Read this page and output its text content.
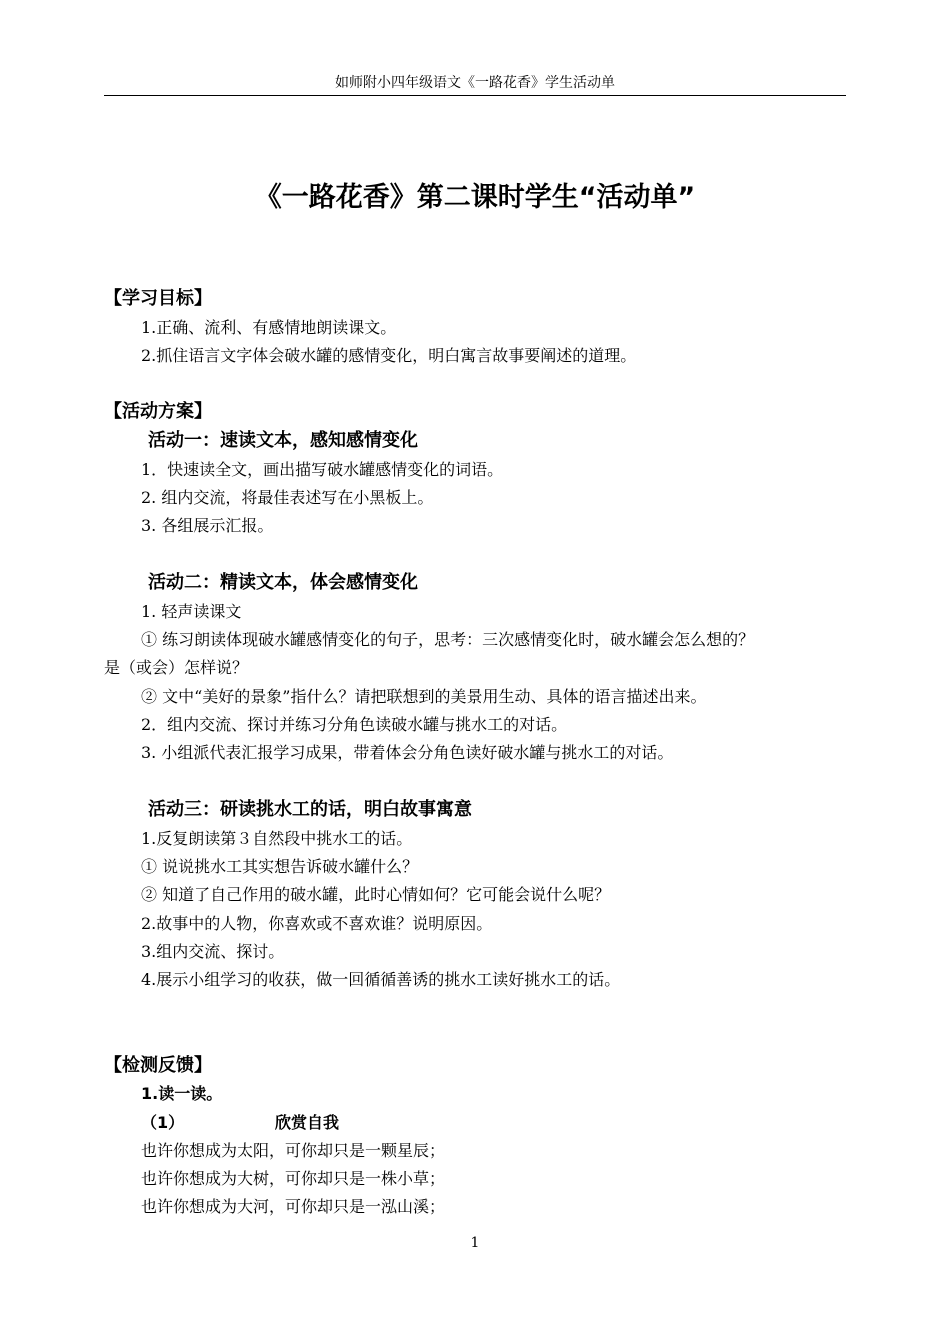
如师附小四年级语文《一路花香》学生活动单
《一路花香》第二课时学生“活动单”
【学习目标】
1.正确、流利、有感情地朗读课文。
2.抓住语言文字体会破水罐的感情变化，明白寓言故事要阐述的道理。
【活动方案】
活动一：速读文本，感知感情变化
1．快速读全文，画出描写破水罐感情变化的词语。
2. 组内交流，将最佳表述写在小黑板上。
3. 各组展示汇报。
活动二：精读文本，体会感情变化
1. 轻声读课文
① 练习朗读体现破水罐感情变化的句子，思考：三次感情变化时，破水罐会怎么想的？
是（或会）怎样说？
② 文中“美好的景象”指什么？请把联想到的美景用生动、具体的语言描述出来。
2．组内交流、探讨并练习分角色读破水罐与挑水工的对话。
3. 小组派代表汇报学习成果，带着体会分角色读好破水罐与挑水工的对话。
活动三：研读挑水工的话，明白故事寓意
1.反复朗读第３自然段中挑水工的话。
① 说说挑水工其实想告诉破水罐什么？
② 知道了自己作用的破水罐，此时心情如何？它可能会说什么呢？
2.故事中的人物，你喜欢或不喜欢谁？说明原因。
3.组内交流、探讨。
4.展示小组学习的收获，做一回循循善诱的挑水工读好挑水工的话。
【检测反馈】
1.读一读。
（1）	欣赏自我
也许你想成为太阳，可你却只是一颗星辰；
也许你想成为大树，可你却只是一株小草；
也许你想成为大河，可你却只是一泓山溪；
1
